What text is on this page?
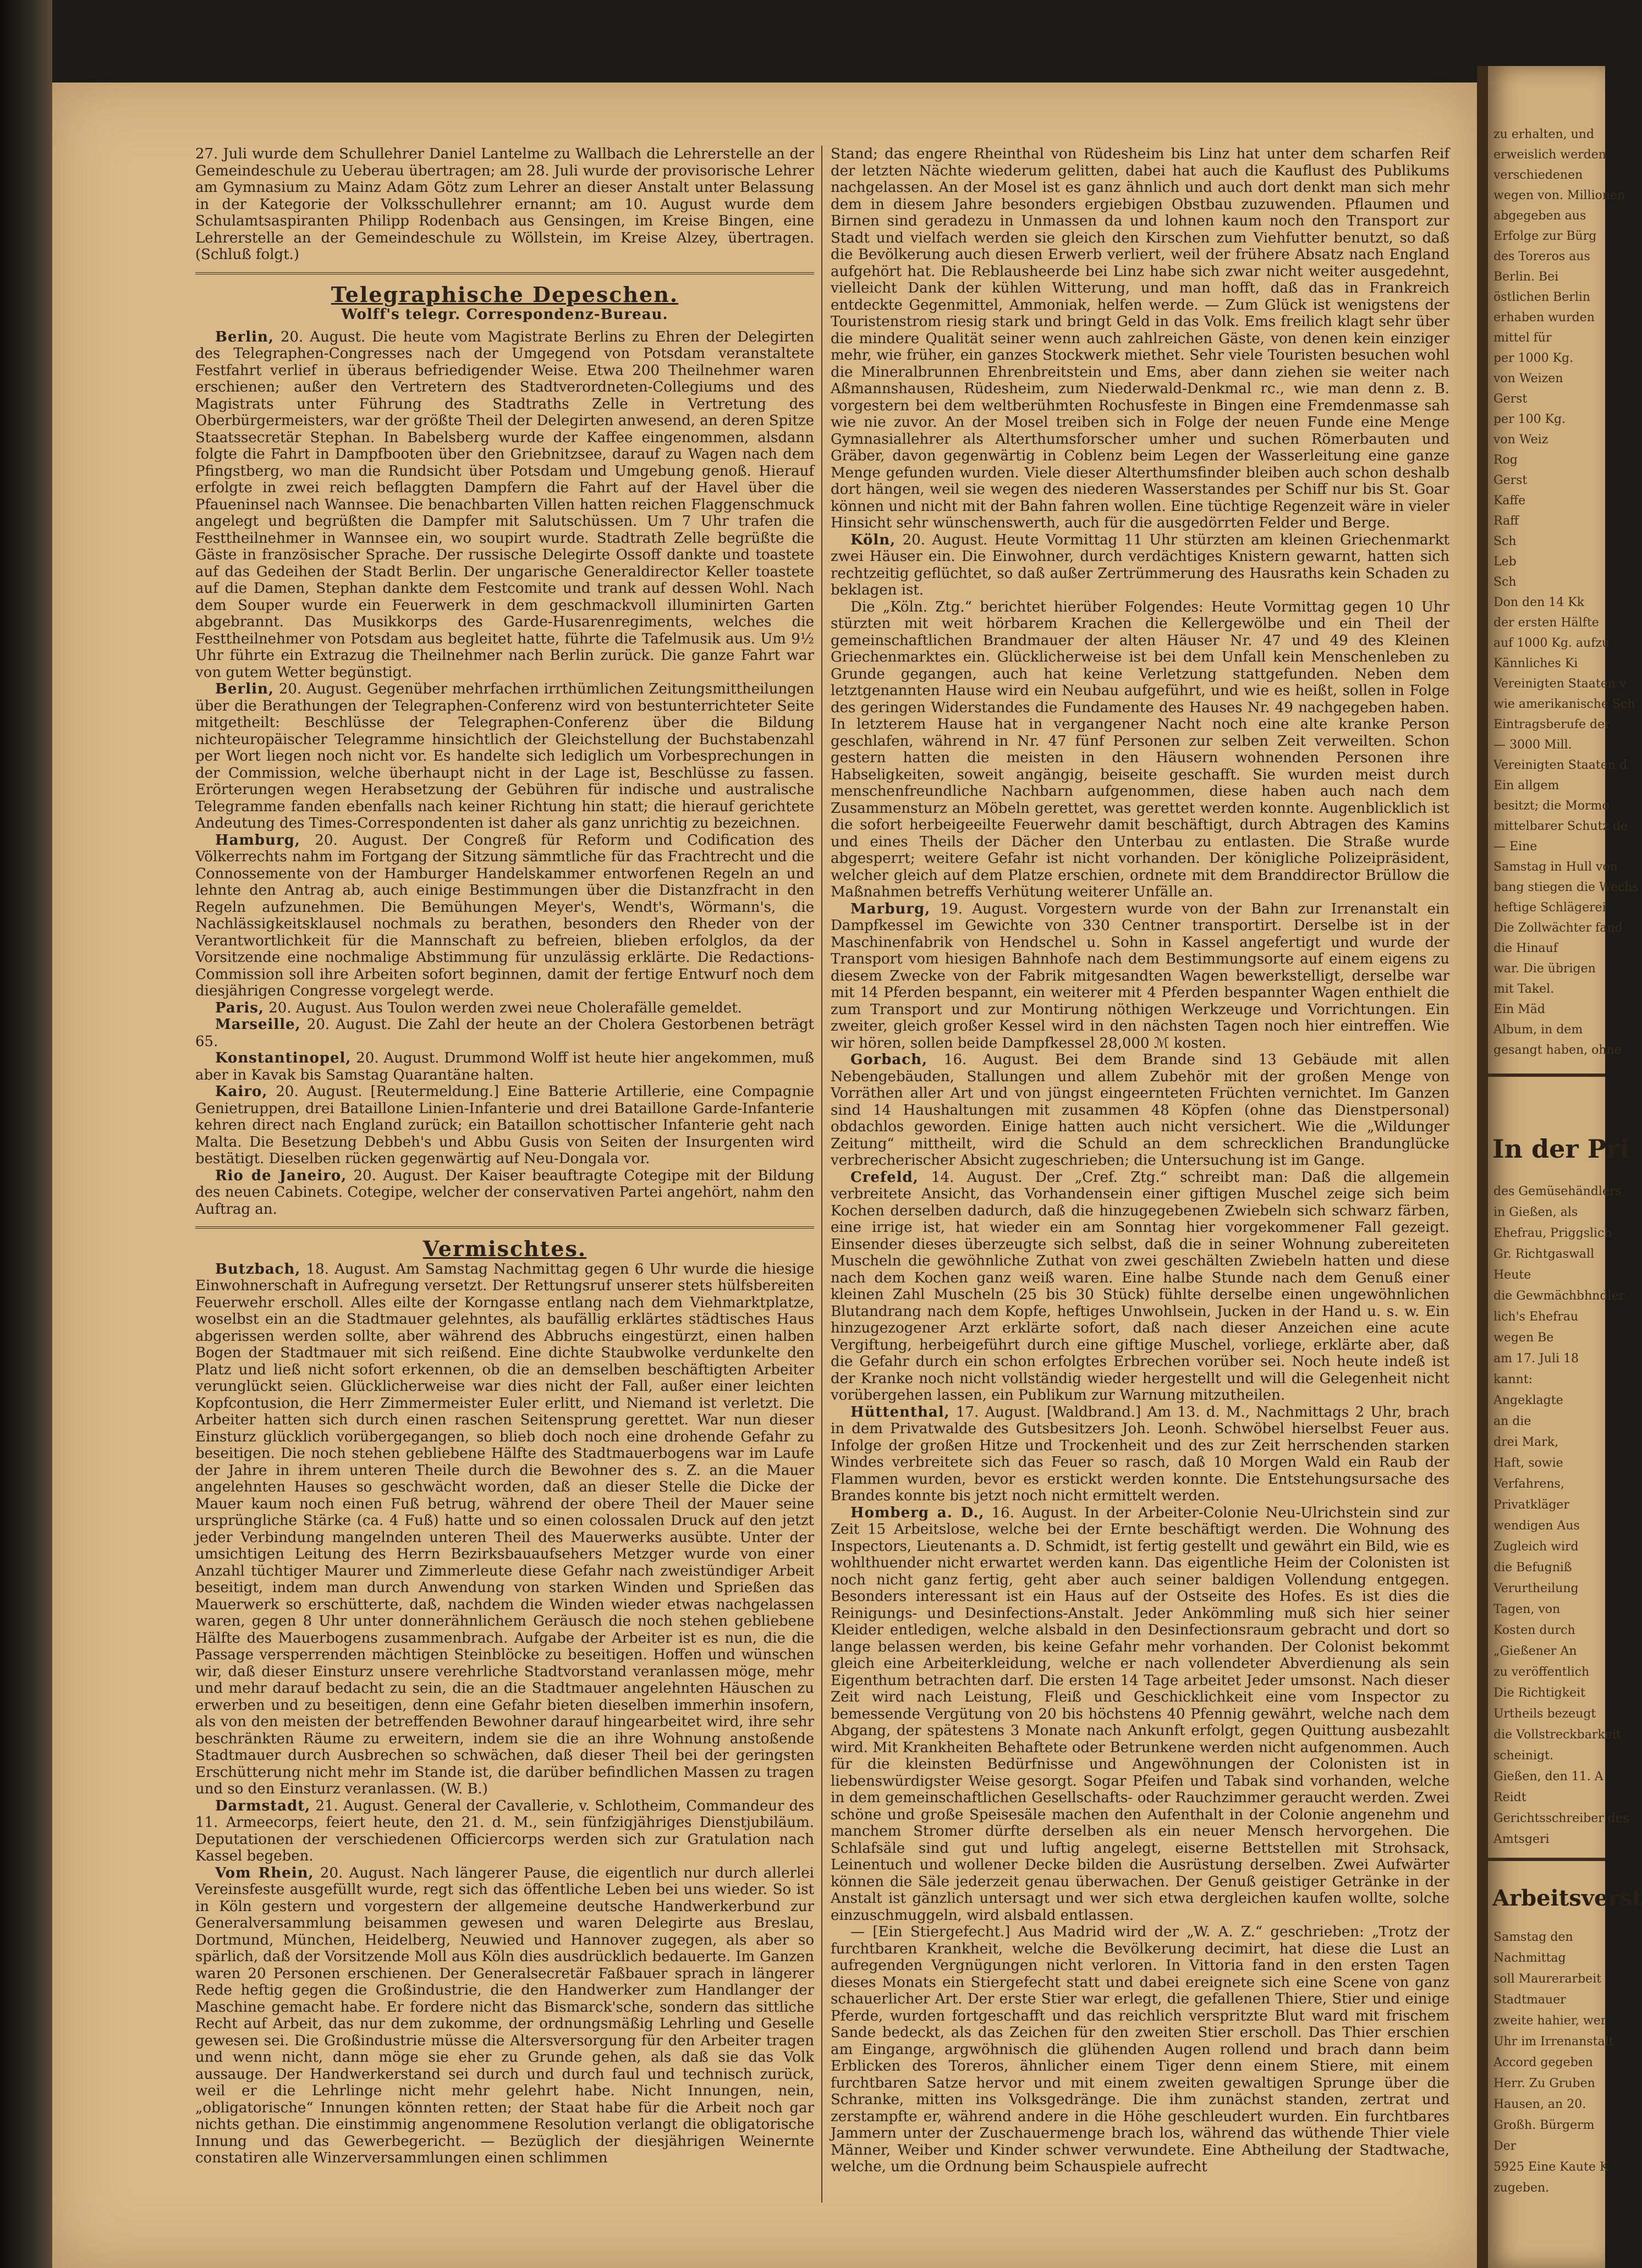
27. Juli wurde dem Schullehrer Daniel Lantelme zu Wallbach die Lehrerstelle an der Gemeindeschule zu Ueberau übertragen; am 28. Juli wurde der provisorische Lehrer am Gymnasium zu Mainz Adam Götz zum Lehrer an dieser Anstalt unter Belassung in der Kategorie der Volksschullehrer ernannt; am 10. August wurde dem Schulamtsaspiranten Philipp Rodenbach aus Gensingen, im Kreise Bingen, eine Lehrerstelle an der Gemeindeschule zu Wöllstein, im Kreise Alzey, übertragen. (Schluß folgt.)

Telegraphische Depeschen.
Wolff's telegr. Correspondenz-Bureau.

Berlin, 20. August. Die heute vom Magistrate Berlins zu Ehren der Delegirten des Telegraphen-Congresses nach der Umgegend von Potsdam veranstaltete Festfahrt verlief in überaus befriedigender Weise. Etwa 200 Theilnehmer waren erschienen; außer den Vertretern des Stadtverordneten-Collegiums und des Magistrats unter Führung des Stadtraths Zelle in Vertretung des Oberbürgermeisters, war der größte Theil der Delegirten anwesend, an deren Spitze Staatssecretär Stephan. In Babelsberg wurde der Kaffee eingenommen, alsdann folgte die Fahrt in Dampfbooten über den Griebnitzsee, darauf zu Wagen nach dem Pfingstberg, wo man die Rundsicht über Potsdam und Umgebung genoß. Hierauf erfolgte in zwei reich beflaggten Dampfern die Fahrt auf der Havel über die Pfaueninsel nach Wannsee. Die benachbarten Villen hatten reichen Flaggenschmuck angelegt und begrüßten die Dampfer mit Salutschüssen. Um 7 Uhr trafen die Festtheilnehmer in Wannsee ein, wo soupirt wurde. Stadtrath Zelle begrüßte die Gäste in französischer Sprache. Der russische Delegirte Ossoff dankte und toastete auf das Gedeihen der Stadt Berlin. Der ungarische Generaldirector Keller toastete auf die Damen, Stephan dankte dem Festcomite und trank auf dessen Wohl. Nach dem Souper wurde ein Feuerwerk in dem geschmackvoll illuminirten Garten abgebrannt. Das Musikkorps des Garde-Husarenregiments, welches die Festtheilnehmer von Potsdam aus begleitet hatte, führte die Tafelmusik aus. Um 9½ Uhr führte ein Extrazug die Theilnehmer nach Berlin zurück. Die ganze Fahrt war von gutem Wetter begünstigt.

Berlin, 20. August. Gegenüber mehrfachen irrthümlichen Zeitungsmittheilungen über die Berathungen der Telegraphen-Conferenz wird von bestunterrichteter Seite mitgetheilt: Beschlüsse der Telegraphen-Conferenz über die Bildung nichteuropäischer Telegramme hinsichtlich der Gleichstellung der Buchstabenzahl per Wort liegen noch nicht vor. Es handelte sich lediglich um Vorbesprechungen in der Commission, welche überhaupt nicht in der Lage ist, Beschlüsse zu fassen. Erörterungen wegen Herabsetzung der Gebühren für indische und australische Telegramme fanden ebenfalls nach keiner Richtung hin statt; die hierauf gerichtete Andeutung des Times-Correspondenten ist daher als ganz unrichtig zu bezeichnen.

Hamburg, 20. August. Der Congreß für Reform und Codification des Völkerrechts nahm im Fortgang der Sitzung sämmtliche für das Frachtrecht und die Connossemente von der Hamburger Handelskammer entworfenen Regeln an und lehnte den Antrag ab, auch einige Bestimmungen über die Distanzfracht in den Regeln aufzunehmen. Die Bemühungen Meyer's, Wendt's, Wörmann's, die Nachlässigkeitsklausel nochmals zu berathen, besonders den Rheder von der Verantwortlichkeit für die Mannschaft zu befreien, blieben erfolglos, da der Vorsitzende eine nochmalige Abstimmung für unzulässig erklärte. Die Redactions-Commission soll ihre Arbeiten sofort beginnen, damit der fertige Entwurf noch dem diesjährigen Congresse vorgelegt werde.

Paris, 20. August. Aus Toulon werden zwei neue Cholerafälle gemeldet.

Marseille, 20. August. Die Zahl der heute an der Cholera Gestorbenen beträgt 65.

Konstantinopel, 20. August. Drummond Wolff ist heute hier angekommen, muß aber in Kavak bis Samstag Quarantäne halten.

Kairo, 20. August. [Reutermeldung.] Eine Batterie Artillerie, eine Compagnie Genietruppen, drei Bataillone Linien-Infanterie und drei Bataillone Garde-Infanterie kehren direct nach England zurück; ein Bataillon schottischer Infanterie geht nach Malta. Die Besetzung Debbeh's und Abbu Gusis von Seiten der Insurgenten wird bestätigt. Dieselben rücken gegenwärtig auf Neu-Dongala vor.

Rio de Janeiro, 20. August. Der Kaiser beauftragte Cotegipe mit der Bildung des neuen Cabinets. Cotegipe, welcher der conservativen Partei angehört, nahm den Auftrag an.

Vermischtes.

Butzbach, 18. August. Am Samstag Nachmittag gegen 6 Uhr wurde die hiesige Einwohnerschaft in Aufregung versetzt. Der Rettungsruf unserer stets hülfsbereiten Feuerwehr erscholl. Alles eilte der Korngasse entlang nach dem Viehmarktplatze, woselbst ein an die Stadtmauer gelehntes, als baufällig erklärtes städtisches Haus abgerissen werden sollte, aber während des Abbruchs eingestürzt, einen halben Bogen der Stadtmauer mit sich reißend. Eine dichte Staubwolke verdunkelte den Platz und ließ nicht sofort erkennen, ob die an demselben beschäftigten Arbeiter verunglückt seien. Glücklicherweise war dies nicht der Fall, außer einer leichten Kopfcontusion, die Herr Zimmermeister Euler erlitt, und Niemand ist verletzt. Die Arbeiter hatten sich durch einen raschen Seitensprung gerettet. War nun dieser Einsturz glücklich vorübergegangen, so blieb doch noch eine drohende Gefahr zu beseitigen. Die noch stehen gebliebene Hälfte des Stadtmauerbogens war im Laufe der Jahre in ihrem unteren Theile durch die Bewohner des s. Z. an die Mauer angelehnten Hauses so geschwächt worden, daß an dieser Stelle die Dicke der Mauer kaum noch einen Fuß betrug, während der obere Theil der Mauer seine ursprüngliche Stärke (ca. 4 Fuß) hatte und so einen colossalen Druck auf den jetzt jeder Verbindung mangelnden unteren Theil des Mauerwerks ausübte. Unter der umsichtigen Leitung des Herrn Bezirksbauaufsehers Metzger wurde von einer Anzahl tüchtiger Maurer und Zimmerleute diese Gefahr nach zweistündiger Arbeit beseitigt, indem man durch Anwendung von starken Winden und Sprießen das Mauerwerk so erschütterte, daß, nachdem die Winden wieder etwas nachgelassen waren, gegen 8 Uhr unter donnerähnlichem Geräusch die noch stehen gebliebene Hälfte des Mauerbogens zusammenbrach. Aufgabe der Arbeiter ist es nun, die die Passage versperrenden mächtigen Steinblöcke zu beseitigen. Hoffen und wünschen wir, daß dieser Einsturz unsere verehrliche Stadtvorstand veranlassen möge, mehr und mehr darauf bedacht zu sein, die an die Stadtmauer angelehnten Häuschen zu erwerben und zu beseitigen, denn eine Gefahr bieten dieselben immerhin insofern, als von den meisten der betreffenden Bewohner darauf hingearbeitet wird, ihre sehr beschränkten Räume zu erweitern, indem sie die an ihre Wohnung anstoßende Stadtmauer durch Ausbrechen so schwächen, daß dieser Theil bei der geringsten Erschütterung nicht mehr im Stande ist, die darüber befindlichen Massen zu tragen und so den Einsturz veranlassen. (W. B.)

Darmstadt, 21. August. General der Cavallerie, v. Schlotheim, Commandeur des 11. Armeecorps, feiert heute, den 21. d. M., sein fünfzigjähriges Dienstjubiläum. Deputationen der verschiedenen Officiercorps werden sich zur Gratulation nach Kassel begeben.

Vom Rhein, 20. August. Nach längerer Pause, die eigentlich nur durch allerlei Vereinsfeste ausgefüllt wurde, regt sich das öffentliche Leben bei uns wieder. So ist in Köln gestern und vorgestern der allgemeine deutsche Handwerkerbund zur Generalversammlung beisammen gewesen und waren Delegirte aus Breslau, Dortmund, München, Heidelberg, Neuwied und Hannover zugegen, als aber so spärlich, daß der Vorsitzende Moll aus Köln dies ausdrücklich bedauerte. Im Ganzen waren 20 Personen erschienen. Der Generalsecretär Faßbauer sprach in längerer Rede heftig gegen die Großindustrie, die den Handwerker zum Handlanger der Maschine gemacht habe. Er fordere nicht das Bismarck'sche, sondern das sittliche Recht auf Arbeit, das nur dem zukomme, der ordnungsmäßig Lehrling und Geselle gewesen sei. Die Großindustrie müsse die Altersversorgung für den Arbeiter tragen und wenn nicht, dann möge sie eher zu Grunde gehen, als daß sie das Volk aussauge. Der Handwerkerstand sei durch und durch faul und technisch zurück, weil er die Lehrlinge nicht mehr gelehrt habe. Nicht Innungen, nein, „obligatorische“ Innungen könnten retten; der Staat habe für die Arbeit noch gar nichts gethan. Die einstimmig angenommene Resolution verlangt die obligatorische Innung und das Gewerbegericht. — Bezüglich der diesjährigen Weinernte constatiren alle Winzerversammlungen einen schlimmen

Stand; das engere Rheinthal von Rüdesheim bis Linz hat unter dem scharfen Reif der letzten Nächte wiederum gelitten, dabei hat auch die Kauflust des Publikums nachgelassen. An der Mosel ist es ganz ähnlich und auch dort denkt man sich mehr dem in diesem Jahre besonders ergiebigen Obstbau zuzuwenden. Pflaumen und Birnen sind geradezu in Unmassen da und lohnen kaum noch den Transport zur Stadt und vielfach werden sie gleich den Kirschen zum Viehfutter benutzt, so daß die Bevölkerung auch diesen Erwerb verliert, weil der frühere Absatz nach England aufgehört hat. Die Reblausheerde bei Linz habe sich zwar nicht weiter ausgedehnt, vielleicht Dank der kühlen Witterung, und man hofft, daß das in Frankreich entdeckte Gegenmittel, Ammoniak, helfen werde. — Zum Glück ist wenigstens der Touristenstrom riesig stark und bringt Geld in das Volk. Ems freilich klagt sehr über die mindere Qualität seiner wenn auch zahlreichen Gäste, von denen kein einziger mehr, wie früher, ein ganzes Stockwerk miethet. Sehr viele Touristen besuchen wohl die Mineralbrunnen Ehrenbreitstein und Ems, aber dann ziehen sie weiter nach Aßmannshausen, Rüdesheim, zum Niederwald-Denkmal rc., wie man denn z. B. vorgestern bei dem weltberühmten Rochusfeste in Bingen eine Fremdenmasse sah wie nie zuvor. An der Mosel treiben sich in Folge der neuen Funde eine Menge Gymnasiallehrer als Alterthumsforscher umher und suchen Römerbauten und Gräber, davon gegenwärtig in Coblenz beim Legen der Wasserleitung eine ganze Menge gefunden wurden. Viele dieser Alterthumsfinder bleiben auch schon deshalb dort hängen, weil sie wegen des niederen Wasserstandes per Schiff nur bis St. Goar können und nicht mit der Bahn fahren wollen. Eine tüchtige Regenzeit wäre in vieler Hinsicht sehr wünschenswerth, auch für die ausgedörrten Felder und Berge.

Köln, 20. August. Heute Vormittag 11 Uhr stürzten am kleinen Griechenmarkt zwei Häuser ein. Die Einwohner, durch verdächtiges Knistern gewarnt, hatten sich rechtzeitig geflüchtet, so daß außer Zertrümmerung des Hausraths kein Schaden zu beklagen ist.

Die „Köln. Ztg.“ berichtet hierüber Folgendes: Heute Vormittag gegen 10 Uhr stürzten mit weit hörbarem Krachen die Kellergewölbe und ein Theil der gemeinschaftlichen Brandmauer der alten Häuser Nr. 47 und 49 des Kleinen Griechenmarktes ein. Glücklicherweise ist bei dem Unfall kein Menschenleben zu Grunde gegangen, auch hat keine Verletzung stattgefunden. Neben dem letztgenannten Hause wird ein Neubau aufgeführt, und wie es heißt, sollen in Folge des geringen Widerstandes die Fundamente des Hauses Nr. 49 nachgegeben haben. In letzterem Hause hat in vergangener Nacht noch eine alte kranke Person geschlafen, während in Nr. 47 fünf Personen zur selben Zeit verweilten. Schon gestern hatten die meisten in den Häusern wohnenden Personen ihre Habseligkeiten, soweit angängig, beiseite geschafft. Sie wurden meist durch menschenfreundliche Nachbarn aufgenommen, diese haben auch nach dem Zusammensturz an Möbeln gerettet, was gerettet werden konnte. Augenblicklich ist die sofort herbeigeeilte Feuerwehr damit beschäftigt, durch Abtragen des Kamins und eines Theils der Dächer den Unterbau zu entlasten. Die Straße wurde abgesperrt; weitere Gefahr ist nicht vorhanden. Der königliche Polizeipräsident, welcher gleich auf dem Platze erschien, ordnete mit dem Branddirector Brüllow die Maßnahmen betreffs Verhütung weiterer Unfälle an.

Marburg, 19. August. Vorgestern wurde von der Bahn zur Irrenanstalt ein Dampfkessel im Gewichte von 330 Centner transportirt. Derselbe ist in der Maschinenfabrik von Hendschel u. Sohn in Kassel angefertigt und wurde der Transport vom hiesigen Bahnhofe nach dem Bestimmungsorte auf einem eigens zu diesem Zwecke von der Fabrik mitgesandten Wagen bewerkstelligt, derselbe war mit 14 Pferden bespannt, ein weiterer mit 4 Pferden bespannter Wagen enthielt die zum Transport und zur Montirung nöthigen Werkzeuge und Vorrichtungen. Ein zweiter, gleich großer Kessel wird in den nächsten Tagen noch hier eintreffen. Wie wir hören, sollen beide Dampfkessel 28,000 ℳ kosten.

Gorbach, 16. August. Bei dem Brande sind 13 Gebäude mit allen Nebengebäuden, Stallungen und allem Zubehör mit der großen Menge von Vorräthen aller Art und von jüngst eingeernteten Früchten vernichtet. Im Ganzen sind 14 Haushaltungen mit zusammen 48 Köpfen (ohne das Dienstpersonal) obdachlos geworden. Einige hatten auch nicht versichert. Wie die „Wildunger Zeitung“ mittheilt, wird die Schuld an dem schrecklichen Brandunglücke verbrecherischer Absicht zugeschrieben; die Untersuchung ist im Gange.

Crefeld, 14. August. Der „Cref. Ztg.“ schreibt man: Daß die allgemein verbreitete Ansicht, das Vorhandensein einer giftigen Muschel zeige sich beim Kochen derselben dadurch, daß die hinzugegebenen Zwiebeln sich schwarz färben, eine irrige ist, hat wieder ein am Sonntag hier vorgekommener Fall gezeigt. Einsender dieses überzeugte sich selbst, daß die in seiner Wohnung zubereiteten Muscheln die gewöhnliche Zuthat von zwei geschälten Zwiebeln hatten und diese nach dem Kochen ganz weiß waren. Eine halbe Stunde nach dem Genuß einer kleinen Zahl Muscheln (25 bis 30 Stück) fühlte derselbe einen ungewöhnlichen Blutandrang nach dem Kopfe, heftiges Unwohlsein, Jucken in der Hand u. s. w. Ein hinzugezogener Arzt erklärte sofort, daß nach dieser Anzeichen eine acute Vergiftung, herbeigeführt durch eine giftige Muschel, vorliege, erklärte aber, daß die Gefahr durch ein schon erfolgtes Erbrechen vorüber sei. Noch heute indeß ist der Kranke noch nicht vollständig wieder hergestellt und will die Gelegenheit nicht vorübergehen lassen, ein Publikum zur Warnung mitzutheilen.

Hüttenthal, 17. August. [Waldbrand.] Am 13. d. M., Nachmittags 2 Uhr, brach in dem Privatwalde des Gutsbesitzers Joh. Leonh. Schwöbel hierselbst Feuer aus. Infolge der großen Hitze und Trockenheit und des zur Zeit herrschenden starken Windes verbreitete sich das Feuer so rasch, daß 10 Morgen Wald ein Raub der Flammen wurden, bevor es erstickt werden konnte. Die Entstehungsursache des Brandes konnte bis jetzt noch nicht ermittelt werden.

Homberg a. D., 16. August. In der Arbeiter-Colonie Neu-Ulrichstein sind zur Zeit 15 Arbeitslose, welche bei der Ernte beschäftigt werden. Die Wohnung des Inspectors, Lieutenants a. D. Schmidt, ist fertig gestellt und gewährt ein Bild, wie es wohlthuender nicht erwartet werden kann. Das eigentliche Heim der Colonisten ist noch nicht ganz fertig, geht aber auch seiner baldigen Vollendung entgegen. Besonders interessant ist ein Haus auf der Ostseite des Hofes. Es ist dies die Reinigungs- und Desinfections-Anstalt. Jeder Ankömmling muß sich hier seiner Kleider entledigen, welche alsbald in den Desinfectionsraum gebracht und dort so lange belassen werden, bis keine Gefahr mehr vorhanden. Der Colonist bekommt gleich eine Arbeiterkleidung, welche er nach vollendeter Abverdienung als sein Eigenthum betrachten darf. Die ersten 14 Tage arbeitet Jeder umsonst. Nach dieser Zeit wird nach Leistung, Fleiß und Geschicklichkeit eine vom Inspector zu bemessende Vergütung von 20 bis höchstens 40 Pfennig gewährt, welche nach dem Abgang, der spätestens 3 Monate nach Ankunft erfolgt, gegen Quittung ausbezahlt wird. Mit Krankheiten Behaftete oder Betrunkene werden nicht aufgenommen. Auch für die kleinsten Bedürfnisse und Angewöhnungen der Colonisten ist in liebenswürdigster Weise gesorgt. Sogar Pfeifen und Tabak sind vorhanden, welche in dem gemeinschaftlichen Gesellschafts- oder Rauchzimmer geraucht werden. Zwei schöne und große Speisesäle machen den Aufenthalt in der Colonie angenehm und manchem Stromer dürfte derselben als ein neuer Mensch hervorgehen. Die Schlafsäle sind gut und luftig angelegt, eiserne Bettstellen mit Strohsack, Leinentuch und wollener Decke bilden die Ausrüstung derselben. Zwei Aufwärter können die Säle jederzeit genau überwachen. Der Genuß geistiger Getränke in der Anstalt ist gänzlich untersagt und wer sich etwa dergleichen kaufen wollte, solche einzuschmuggeln, wird alsbald entlassen.

— [Ein Stiergefecht.] Aus Madrid wird der „W. A. Z.“ geschrieben: „Trotz der furchtbaren Krankheit, welche die Bevölkerung decimirt, hat diese die Lust an aufregenden Vergnügungen nicht verloren. In Vittoria fand in den ersten Tagen dieses Monats ein Stiergefecht statt und dabei ereignete sich eine Scene von ganz schauerlicher Art. Der erste Stier war erlegt, die gefallenen Thiere, Stier und einige Pferde, wurden fortgeschafft und das reichlich verspritzte Blut ward mit frischem Sande bedeckt, als das Zeichen für den zweiten Stier erscholl. Das Thier erschien am Eingange, argwöhnisch die glühenden Augen rollend und brach dann beim Erblicken des Toreros, ähnlicher einem Tiger denn einem Stiere, mit einem furchtbaren Satze hervor und mit einem zweiten gewaltigen Sprunge über die Schranke, mitten ins Volksgedränge. Die ihm zunächst standen, zertrat und zerstampfte er, während andere in die Höhe geschleudert wurden. Ein furchtbares Jammern unter der Zuschauermenge brach los, während das wüthende Thier viele Männer, Weiber und Kinder schwer verwundete. Eine Abtheilung der Stadtwache, welche, um die Ordnung beim Schauspiele aufrecht

zu erhalten, und
erweislich werden
verschiedenen
wegen von. Millionen
abgegeben aus
Erfolge zur Bürg
des Toreros aus
Berlin. Bei
östlichen Berlin
erhaben wurden
mittel für
per 1000 Kg.
von Weizen
Gerst
per 100 Kg.
von Weiz
Rog
Gerst
Kaffe
Raff
Sch
Leb
Sch
Don den 14 Kk
der ersten Hälfte
auf 1000 Kg. aufzu
Kännliches Ki
Vereinigten Staaten v
wie amerikanische Sch
Eintragsberufe der
— 3000 Mill.
Vereinigten Staaten d
Ein allgem
besitzt; die Mormo
mittelbarer Schutz de
— Eine
Samstag in Hull von
bang stiegen die Wechs
heftige Schlägerei
Die Zollwächter fand
die Hinauf
war. Die übrigen
mit Takel.
Ein Mäd
Album, in dem
gesangt haben, ohne
In der Pri
des Gemüsehändlers
in Gießen, als
Ehefrau, Priggslich
Gr. Richtgaswall
Heute
die Gewmächbhndler
lich's Ehefrau
wegen Be
am 17. Juli 18
kannt:
Angeklagte
an die
drei Mark,
Haft, sowie
Verfahrens,
Privatkläger
wendigen Aus
Zugleich wird
die Befugniß
Verurtheilung
Tagen, von
Kosten durch
„Gießener An
zu veröffentlich
Die Richtigkeit
Urtheils bezeugt
die Vollstreckbarkeit
scheinigt.
Gießen, den 11. A
Reidt
Gerichtsschreiber des
Amtsgeri
Arbeitsverst
Samstag den
Nachmittag
soll Maurerarbeit
Stadtmauer
zweite hahier, wer
Uhr im Irrenanstalt
Accord gegeben
Herr. Zu Gruben
Hausen, an 20.
Großh. Bürgerm
Der
5925 Eine Kaute K
zugeben.
